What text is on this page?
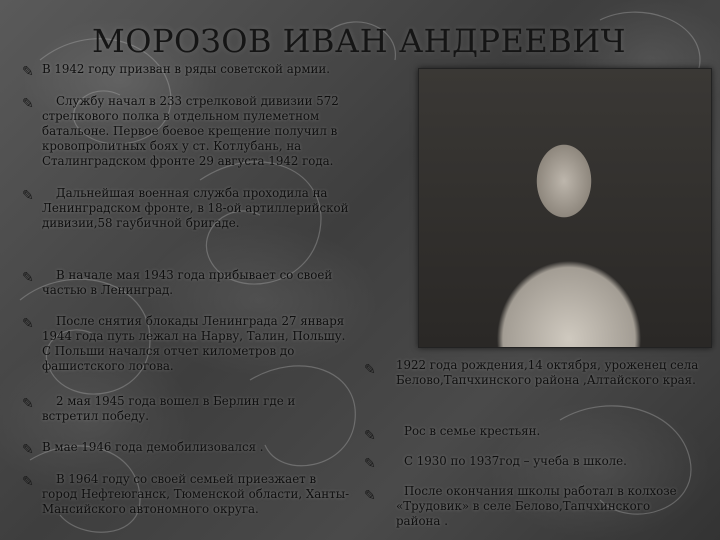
МОРОЗОВ ИВАН АНДРЕЕВИЧ
✎ В 1942 году призван в ряды советской армии.
✎	Службу начал в 233 стрелковой дивизии 572 стрелкового полка в отдельном пулеметном батальоне. Первое боевое крещение получил в кровопролитных боях у ст. Котлубань, на Сталинградском фронте 29 августа 1942 года.
✎	Дальнейшая военная служба проходила на Ленинградском фронте, в 18-ой артиллерийской дивизии,58 гаубичной бригаде.
✎	В начале мая 1943 года прибывает со своей частью в Ленинград.
✎	После снятия блокады Ленинграда 27 января 1944 года путь лежал на Нарву, Талин, Польшу. С Польши начался отчет километров до фашистского логова.
✎	2 мая 1945 года вошел в Берлин где и встретил победу.
✎ В мае 1946 года демобилизовался .
✎	В 1964 году со своей семьей приезжает в город Нефтеюганск, Тюменской области, Ханты-Мансийского автономного округа.
✎	1922 года рождения,14 октября, уроженец села Белово,Тапчхинского района ,Алтайского края.
✎	Рос в семье крестьян.
✎	С 1930 по 1937год – учеба в школе.
✎	После окончания школы работал в колхозе «Трудовик» в селе Белово,Тапчхинского района .
